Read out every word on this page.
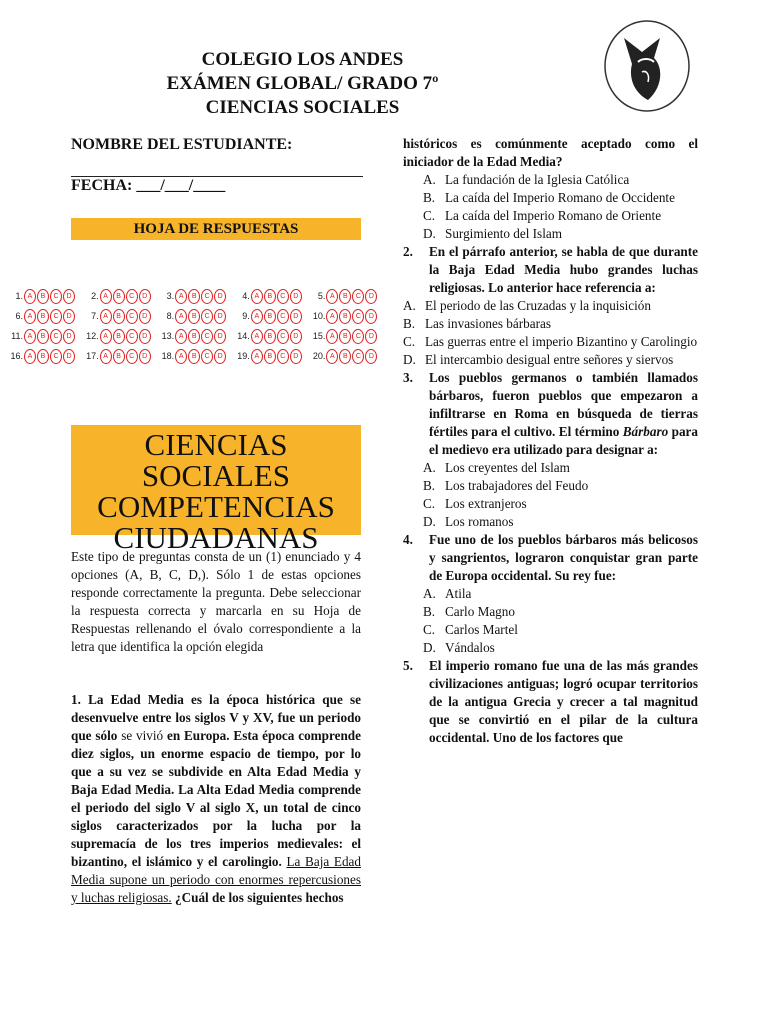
COLEGIO LOS ANDES
EXÁMEN GLOBAL/ GRADO 7º
CIENCIAS SOCIALES
NOMBRE DEL ESTUDIANTE:
FECHA: ___/___/____
HOJA DE RESPUESTAS
1. A	B	C	D	2. A	B	C	D	3. A	B	C	D	4. A	B	C	D	5. A	B	C	D
6. A	B	C	D	7. A	B	C	D	8. A	B	C	D	9. A	B	C	D	10. A	B	C	D
11. A	B	C	D	12. A	B	C	D	13. A	B	C	D	14. A	B	C	D	15. A	B	C	D
16. A	B	C	D	17. A	B	C	D	18. A	B	C	D	19. A	B	C	D	20. A	B	C	D
CIENCIAS SOCIALES
COMPETENCIAS
CIUDADANAS
Este tipo de preguntas consta de un (1) enunciado y 4 opciones (A, B, C, D,). Sólo 1 de estas opciones responde correctamente la pregunta. Debe seleccionar la respuesta correcta y marcarla en su Hoja de Respuestas rellenando el óvalo correspondiente a la letra que identifica la opción elegida
1. La Edad Media es la época histórica que se desenvuelve entre los siglos V y XV, fue un periodo que sólo se vivió en Europa. Esta época comprende diez siglos, un enorme espacio de tiempo, por lo que a su vez se subdivide en Alta Edad Media y Baja Edad Media. La Alta Edad Media comprende el periodo del siglo V al siglo X, un total de cinco siglos caracterizados por la lucha por la supremacía de los tres imperios medievales: el bizantino, el islámico y el carolingio. La Baja Edad Media supone un periodo con enormes repercusiones y luchas religiosas. ¿Cuál de los siguientes hechos
históricos es comúnmente aceptado como el iniciador de la Edad Media?
A. La fundación de la Iglesia Católica
B. La caída del Imperio Romano de Occidente
C. La caída del Imperio Romano de Oriente
D. Surgimiento del Islam
2.	En el párrafo anterior, se habla de que durante la Baja Edad Media hubo grandes luchas religiosas. Lo anterior hace referencia a:
A. El periodo de las Cruzadas y la inquisición
B. Las invasiones bárbaras
C. Las guerras entre el imperio Bizantino y Carolingio
D. El intercambio desigual entre señores y siervos
3.	Los pueblos germanos o también llamados bárbaros, fueron pueblos que empezaron a infiltrarse en Roma en búsqueda de tierras fértiles para el cultivo. El término Bárbaro para el medievo era utilizado para designar a:
A. Los creyentes del Islam
B. Los trabajadores del Feudo
C. Los extranjeros
D. Los romanos
4.	Fue uno de los pueblos bárbaros más belicosos y sangrientos, lograron conquistar gran parte de Europa occidental. Su rey fue:
A. Atila
B. Carlo Magno
C. Carlos Martel
D. Vándalos
5.	El imperio romano fue una de las más grandes civilizaciones antiguas; logró ocupar territorios de la antigua Grecia y crecer a tal magnitud que se convirtió en el pilar de la cultura occidental. Uno de los factores que
